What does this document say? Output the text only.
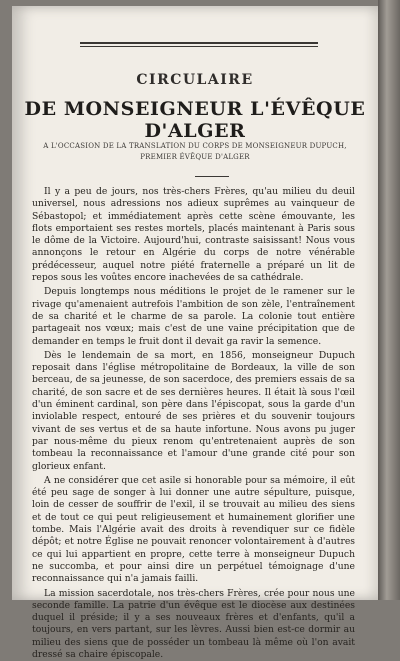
CIRCULAIRE
DE MONSEIGNEUR L'ÉVÊQUE D'ALGER
A L'OCCASION DE LA TRANSLATION DU CORPS DE MONSEIGNEUR DUPUCH,
PREMIER ÉVÊQUE D'ALGER

Il y a peu de jours, nos très-chers Frères, qu'au milieu du deuil universel, nous adressions nos adieux suprêmes au vainqueur de Sébastopol; et immédiatement après cette scène émouvante, les flots emportaient ses restes mortels, placés maintenant à Paris sous le dôme de la Victoire. Aujourd'hui, contraste saisissant! Nous vous annonçons le retour en Algérie du corps de notre vénérable prédécesseur, auquel notre piété fraternelle a préparé un lit de repos sous les voûtes encore inachevées de sa cathédrale.

Depuis longtemps nous méditions le projet de le ramener sur le rivage qu'amenaient autrefois l'ambition de son zèle, l'entraînement de sa charité et le charme de sa parole. La colonie tout entière partageait nos vœux; mais c'est de une vaine précipitation que de demander en temps le fruit dont il devait ga ravir la semence.

Dès le lendemain de sa mort, en 1856, monseigneur Dupuch reposait dans l'église métropolitaine de Bordeaux, la ville de son berceau, de sa jeunesse, de son sacerdoce, des premiers essais de sa charité, de son sacre et de ses dernières heures. Il était là sous l'œil d'un éminent cardinal, son père dans l'épiscopat, sous la garde d'un inviolable respect, entouré de ses prières et du souvenir toujours vivant de ses vertus et de sa haute infortune. Nous avons pu juger par nous-même du pieux renom qu'entretenaient auprès de son tombeau la reconnaissance et l'amour d'une grande cité pour son glorieux enfant.

A ne considérer que cet asile si honorable pour sa mémoire, il eût été peu sage de songer à lui donner une autre sépulture, puisque, loin de cesser de souffrir de l'exil, il se trouvait au milieu des siens et de tout ce qui peut religieusement et humainement glorifier une tombe. Mais l'Algérie avait des droits à revendiquer sur ce fidèle dépôt; et notre Église ne pouvait renoncer volontairement à d'autres ce qui lui appartient en propre, cette terre à monseigneur Dupuch ne succomba, et pour ainsi dire un perpétuel témoignage d'une reconnaissance qui n'a jamais failli.

La mission sacerdotale, nos très-chers Frères, crée pour nous une seconde famille. La patrie d'un évêque est le diocèse aux destinées duquel il préside; il y a ses nouveaux frères et d'enfants, qu'il a toujours, en vers partant, sur les lèvres. Aussi bien est-ce dormir au milieu des siens que de posséder un tombeau là même où l'on avait dressé sa chaire épiscopale.
